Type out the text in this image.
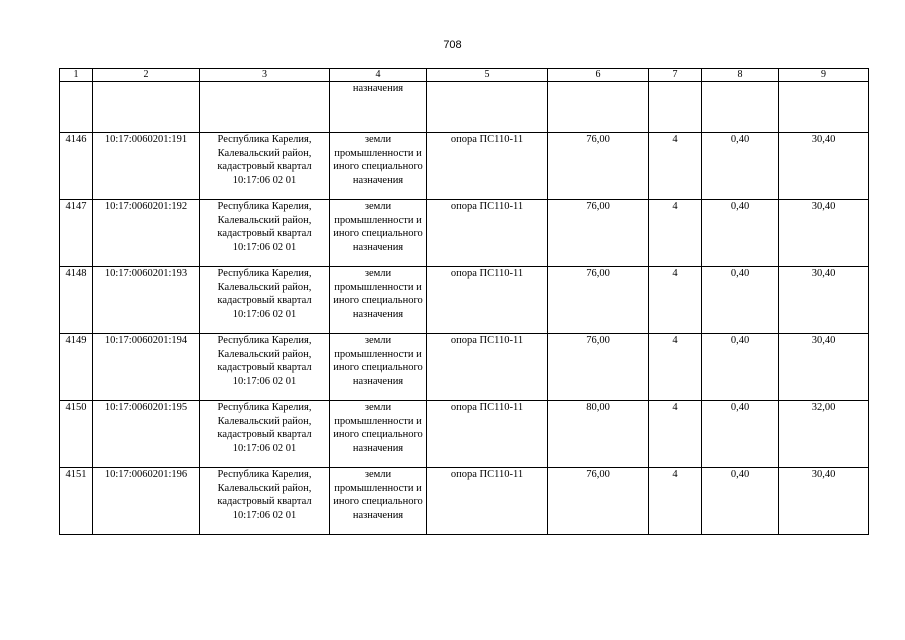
708
1	2	3	4	5	6	7	8	9
			назначения					
4146	10:17:0060201:191	Республика Карелия, Калевальский район, кадастровый квартал 10:17:06 02 01	земли промышленности и иного специального назначения	опора ПС110-11	76,00	4	0,40	30,40
4147	10:17:0060201:192	Республика Карелия, Калевальский район, кадастровый квартал 10:17:06 02 01	земли промышленности и иного специального назначения	опора ПС110-11	76,00	4	0,40	30,40
4148	10:17:0060201:193	Республика Карелия, Калевальский район, кадастровый квартал 10:17:06 02 01	земли промышленности и иного специального назначения	опора ПС110-11	76,00	4	0,40	30,40
4149	10:17:0060201:194	Республика Карелия, Калевальский район, кадастровый квартал 10:17:06 02 01	земли промышленности и иного специального назначения	опора ПС110-11	76,00	4	0,40	30,40
4150	10:17:0060201:195	Республика Карелия, Калевальский район, кадастровый квартал 10:17:06 02 01	земли промышленности и иного специального назначения	опора ПС110-11	80,00	4	0,40	32,00
4151	10:17:0060201:196	Республика Карелия, Калевальский район, кадастровый квартал 10:17:06 02 01	земли промышленности и иного специального назначения	опора ПС110-11	76,00	4	0,40	30,40
